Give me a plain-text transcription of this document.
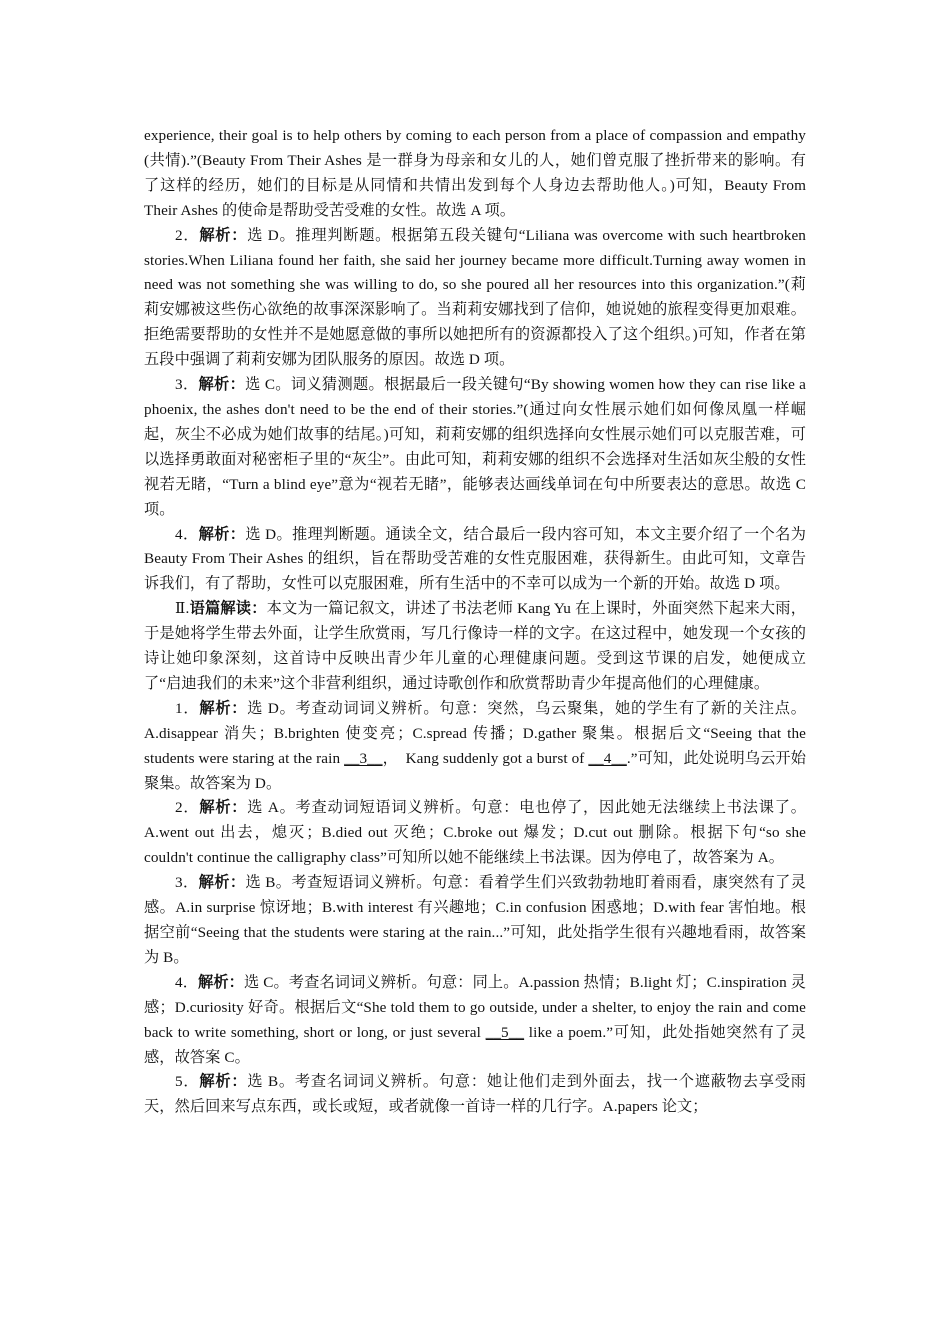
experience, their goal is to help others by coming to each person from a place of compassion and empathy (共情).”(Beauty From Their Ashes 是一群身为母亲和女儿的人，她们曾克服了挫折带来的影响。有了这样的经历，她们的目标是从同情和共情出发到每个人身边去帮助他人。)可知，Beauty From Their Ashes 的使命是帮助受苦受难的女性。故选 A 项。

2．解析：选 D。推理判断题。根据第五段关键句“Liliana was overcome with such heartbroken stories.When Liliana found her faith, she said her journey became more difficult.Turning away women in need was not something she was willing to do, so she poured all her resources into this organization.”(莉莉安娜被这些伤心欲绝的故事深深影响了。当莉莉安娜找到了信仰，她说她的旅程变得更加艰难。拒绝需要帮助的女性并不是她愿意做的事所以她把所有的资源都投入了这个组织。)可知，作者在第五段中强调了莉莉安娜为团队服务的原因。故选 D 项。

3．解析：选 C。词义猜测题。根据最后一段关键句“By showing women how they can rise like a phoenix, the ashes don't need to be the end of their stories.”(通过向女性展示她们如何像凤凰一样崛起，灰尘不必成为她们故事的结尾。)可知，莉莉安娜的组织选择向女性展示她们可以克服苦难，可以选择勇敢面对秘密柜子里的“灰尘”。由此可知，莉莉安娜的组织不会选择对生活如灰尘般的女性视若无睹，“Turn a blind eye”意为“视若无睹”，能够表达画线单词在句中所要表达的意思。故选 C 项。

4．解析：选 D。推理判断题。通读全文，结合最后一段内容可知，本文主要介绍了一个名为 Beauty From Their Ashes 的组织，旨在帮助受苦难的女性克服困难，获得新生。由此可知，文章告诉我们，有了帮助，女性可以克服困难，所有生活中的不幸可以成为一个新的开始。故选 D 项。

Ⅱ.语篇解读：本文为一篇记叙文，讲述了书法老师 Kang Yu 在上课时，外面突然下起来大雨，于是她将学生带去外面，让学生欣赏雨，写几行像诗一样的文字。在这过程中，她发现一个女孩的诗让她印象深刻，这首诗中反映出青少年儿童的心理健康问题。受到这节课的启发，她便成立了“启迪我们的未来”这个非营利组织，通过诗歌创作和欣赏帮助青少年提高他们的心理健康。

1．解析：选 D。考查动词词义辨析。句意：突然，乌云聚集，她的学生有了新的关注点。A.disappear 消失；B.brighten 使变亮；C.spread 传播；D.gather 聚集。根据后文“Seeing that the students were staring at the rain __3__，　Kang suddenly got a burst of __4__.”可知，此处说明乌云开始聚集。故答案为 D。

2．解析：选 A。考查动词短语词义辨析。句意：电也停了，因此她无法继续上书法课了。A.went out 出去，熄灭；B.died out 灭绝；C.broke out 爆发；D.cut out 删除。根据下句“so she couldn't continue the calligraphy class”可知所以她不能继续上书法课。因为停电了，故答案为 A。

3．解析：选 B。考查短语词义辨析。句意：看着学生们兴致勃勃地盯着雨看，康突然有了灵感。A.in surprise 惊讶地；B.with interest 有兴趣地；C.in confusion 困惑地；D.with fear 害怕地。根据空前“Seeing that the students were staring at the rain...”可知，此处指学生很有兴趣地看雨，故答案为 B。

4．解析：选 C。考查名词词义辨析。句意：同上。A.passion 热情；B.light 灯；C.inspiration 灵感；D.curiosity 好奇。根据后文“She told them to go outside, under a shelter, to enjoy the rain and come back to write something, short or long, or just several __5__ like a poem.”可知，此处指她突然有了灵感，故答案 C。

5．解析：选 B。考查名词词义辨析。句意：她让他们走到外面去，找一个遮蔽物去享受雨天，然后回来写点东西，或长或短，或者就像一首诗一样的几行字。A.papers 论文；
